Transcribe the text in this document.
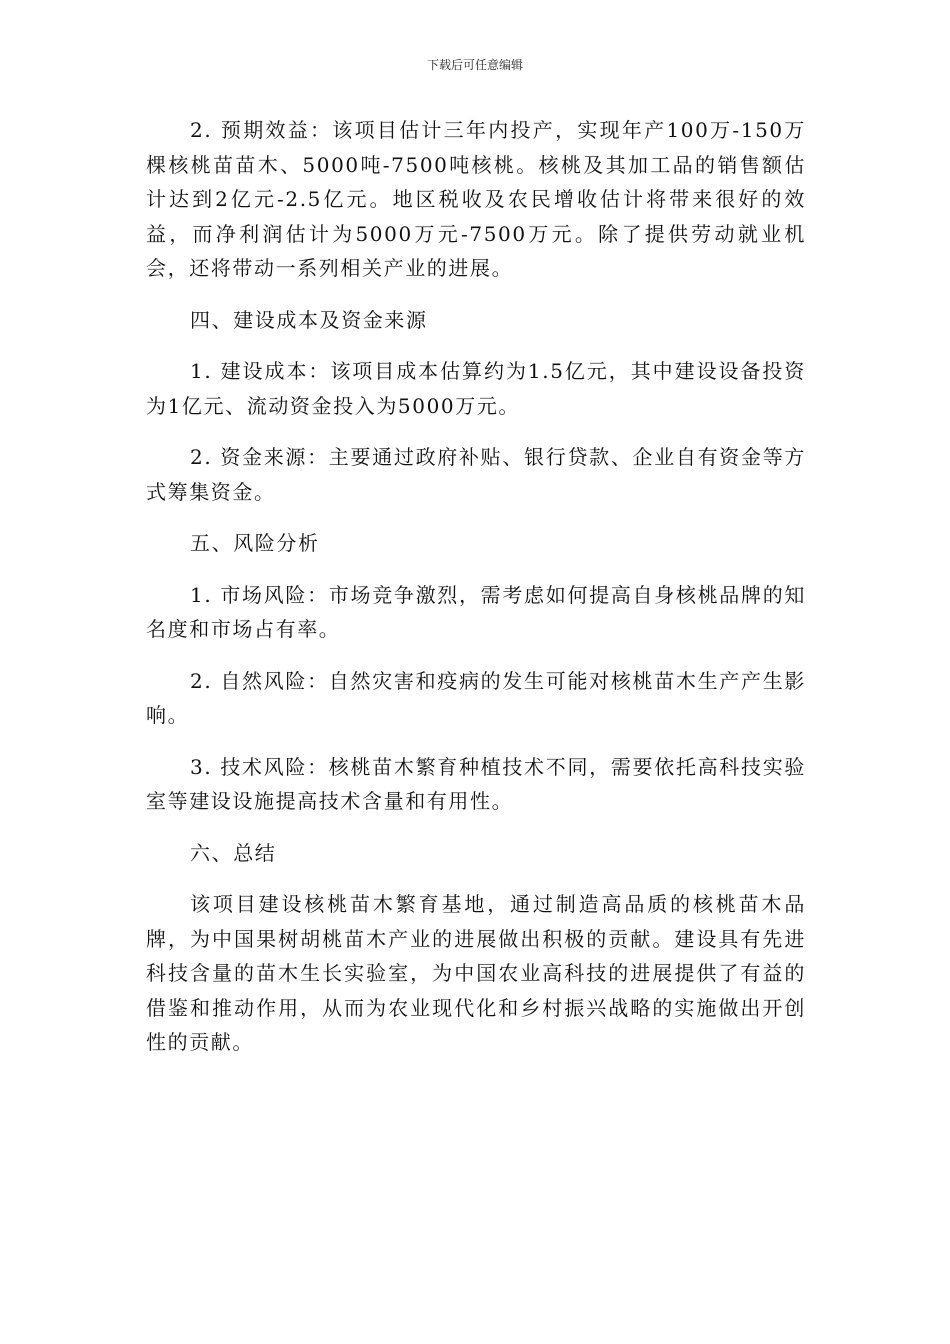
下载后可任意编辑

2. 预期效益：该项目估计三年内投产，实现年产100万-150万棵核桃苗苗木、5000吨-7500吨核桃。核桃及其加工品的销售额估计达到2亿元-2.5亿元。地区税收及农民增收估计将带来很好的效益，而净利润估计为5000万元-7500万元。除了提供劳动就业机会，还将带动一系列相关产业的进展。

四、建设成本及资金来源

1. 建设成本：该项目成本估算约为1.5亿元，其中建设设备投资为1亿元、流动资金投入为5000万元。

2. 资金来源：主要通过政府补贴、银行贷款、企业自有资金等方式筹集资金。

五、风险分析

1. 市场风险：市场竞争激烈，需考虑如何提高自身核桃品牌的知名度和市场占有率。

2. 自然风险：自然灾害和疫病的发生可能对核桃苗木生产产生影响。

3. 技术风险：核桃苗木繁育种植技术不同，需要依托高科技实验室等建设设施提高技术含量和有用性。

六、总结

该项目建设核桃苗木繁育基地，通过制造高品质的核桃苗木品牌，为中国果树胡桃苗木产业的进展做出积极的贡献。建设具有先进科技含量的苗木生长实验室，为中国农业高科技的进展提供了有益的借鉴和推动作用，从而为农业现代化和乡村振兴战略的实施做出开创性的贡献。
